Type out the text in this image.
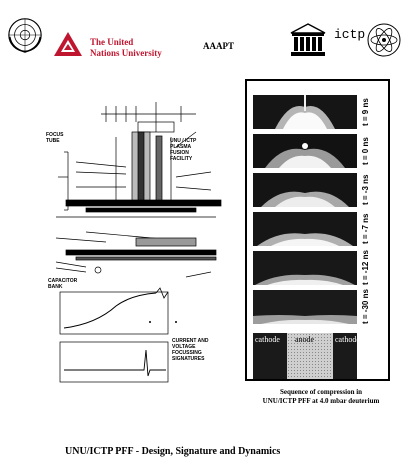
The United
Nations University
AAAPT
ictp
FOCUS
TUBE	UNU / ICTP
PLASMA
FUSION
FACILITY
CAPACITOR
BANK
CURRENT AND
VOLTAGE
FOCUSSING
SIGNATURES
t = 9 ns
t = 0 ns
t = -3 ns
t = -7 ns
t = -12 ns
t = -30 ns
cathode anode	cathode
Sequence of compression in
UNU/ICTP PFF at 4.0 mbar deuterium
UNU/ICTP PFF - Design, Signature and Dynamics
